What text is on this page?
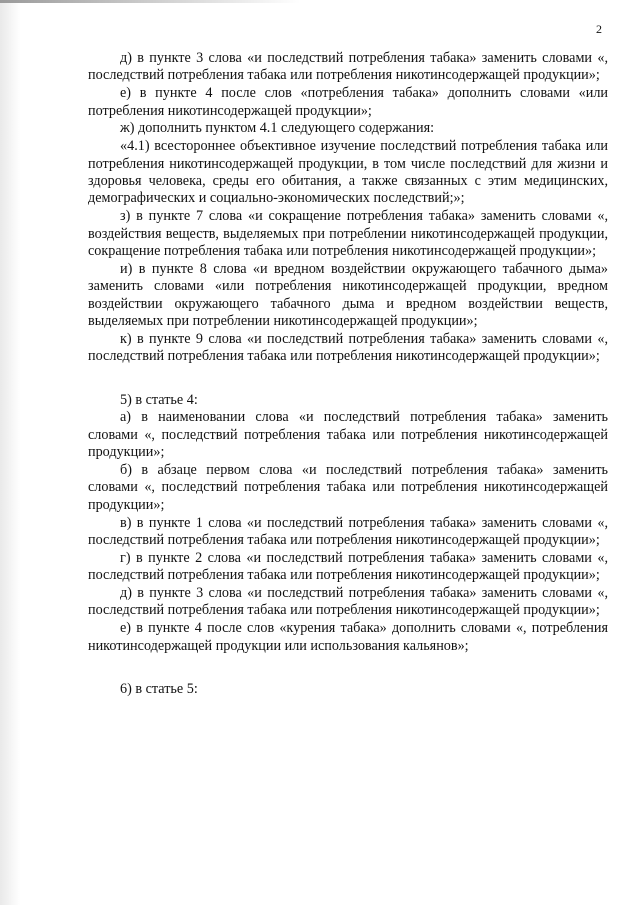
2

д) в пункте 3 слова «и последствий потребления табака» заменить словами «, последствий потребления табака или потребления никотинсодержащей продукции»;

е) в пункте 4 после слов «потребления табака» дополнить словами «или потребления никотинсодержащей продукции»;

ж) дополнить пунктом 4.1 следующего содержания:

«4.1) всестороннее объективное изучение последствий потребления табака или потребления никотинсодержащей продукции, в том числе последствий для жизни и здоровья человека, среды его обитания, а также связанных с этим медицинских, демографических и социально-экономических последствий;»;

з) в пункте 7 слова «и сокращение потребления табака» заменить словами «, воздействия веществ, выделяемых при потреблении никотинсодержащей продукции, сокращение потребления табака или потребления никотинсодержащей продукции»;

и) в пункте 8 слова «и вредном воздействии окружающего табачного дыма» заменить словами «или потребления никотинсодержащей продукции, вредном воздействии окружающего табачного дыма и вредном воздействии веществ, выделяемых при потреблении никотинсодержащей продукции»;

к) в пункте 9 слова «и последствий потребления табака» заменить словами «, последствий потребления табака или потребления никотинсодержащей продукции»;

5) в статье 4:

а) в наименовании слова «и последствий потребления табака» заменить словами «, последствий потребления табака или потребления никотинсодержащей продукции»;

б) в абзаце первом слова «и последствий потребления табака» заменить словами «, последствий потребления табака или потребления никотинсодержащей продукции»;

в) в пункте 1 слова «и последствий потребления табака» заменить словами «, последствий потребления табака или потребления никотинсодержащей продукции»;

г) в пункте 2 слова «и последствий потребления табака» заменить словами «, последствий потребления табака или потребления никотинсодержащей продукции»;

д) в пункте 3 слова «и последствий потребления табака» заменить словами «, последствий потребления табака или потребления никотинсодержащей продукции»;

е) в пункте 4 после слов «курения табака» дополнить словами «, потребления никотинсодержащей продукции или использования кальянов»;

6) в статье 5:
